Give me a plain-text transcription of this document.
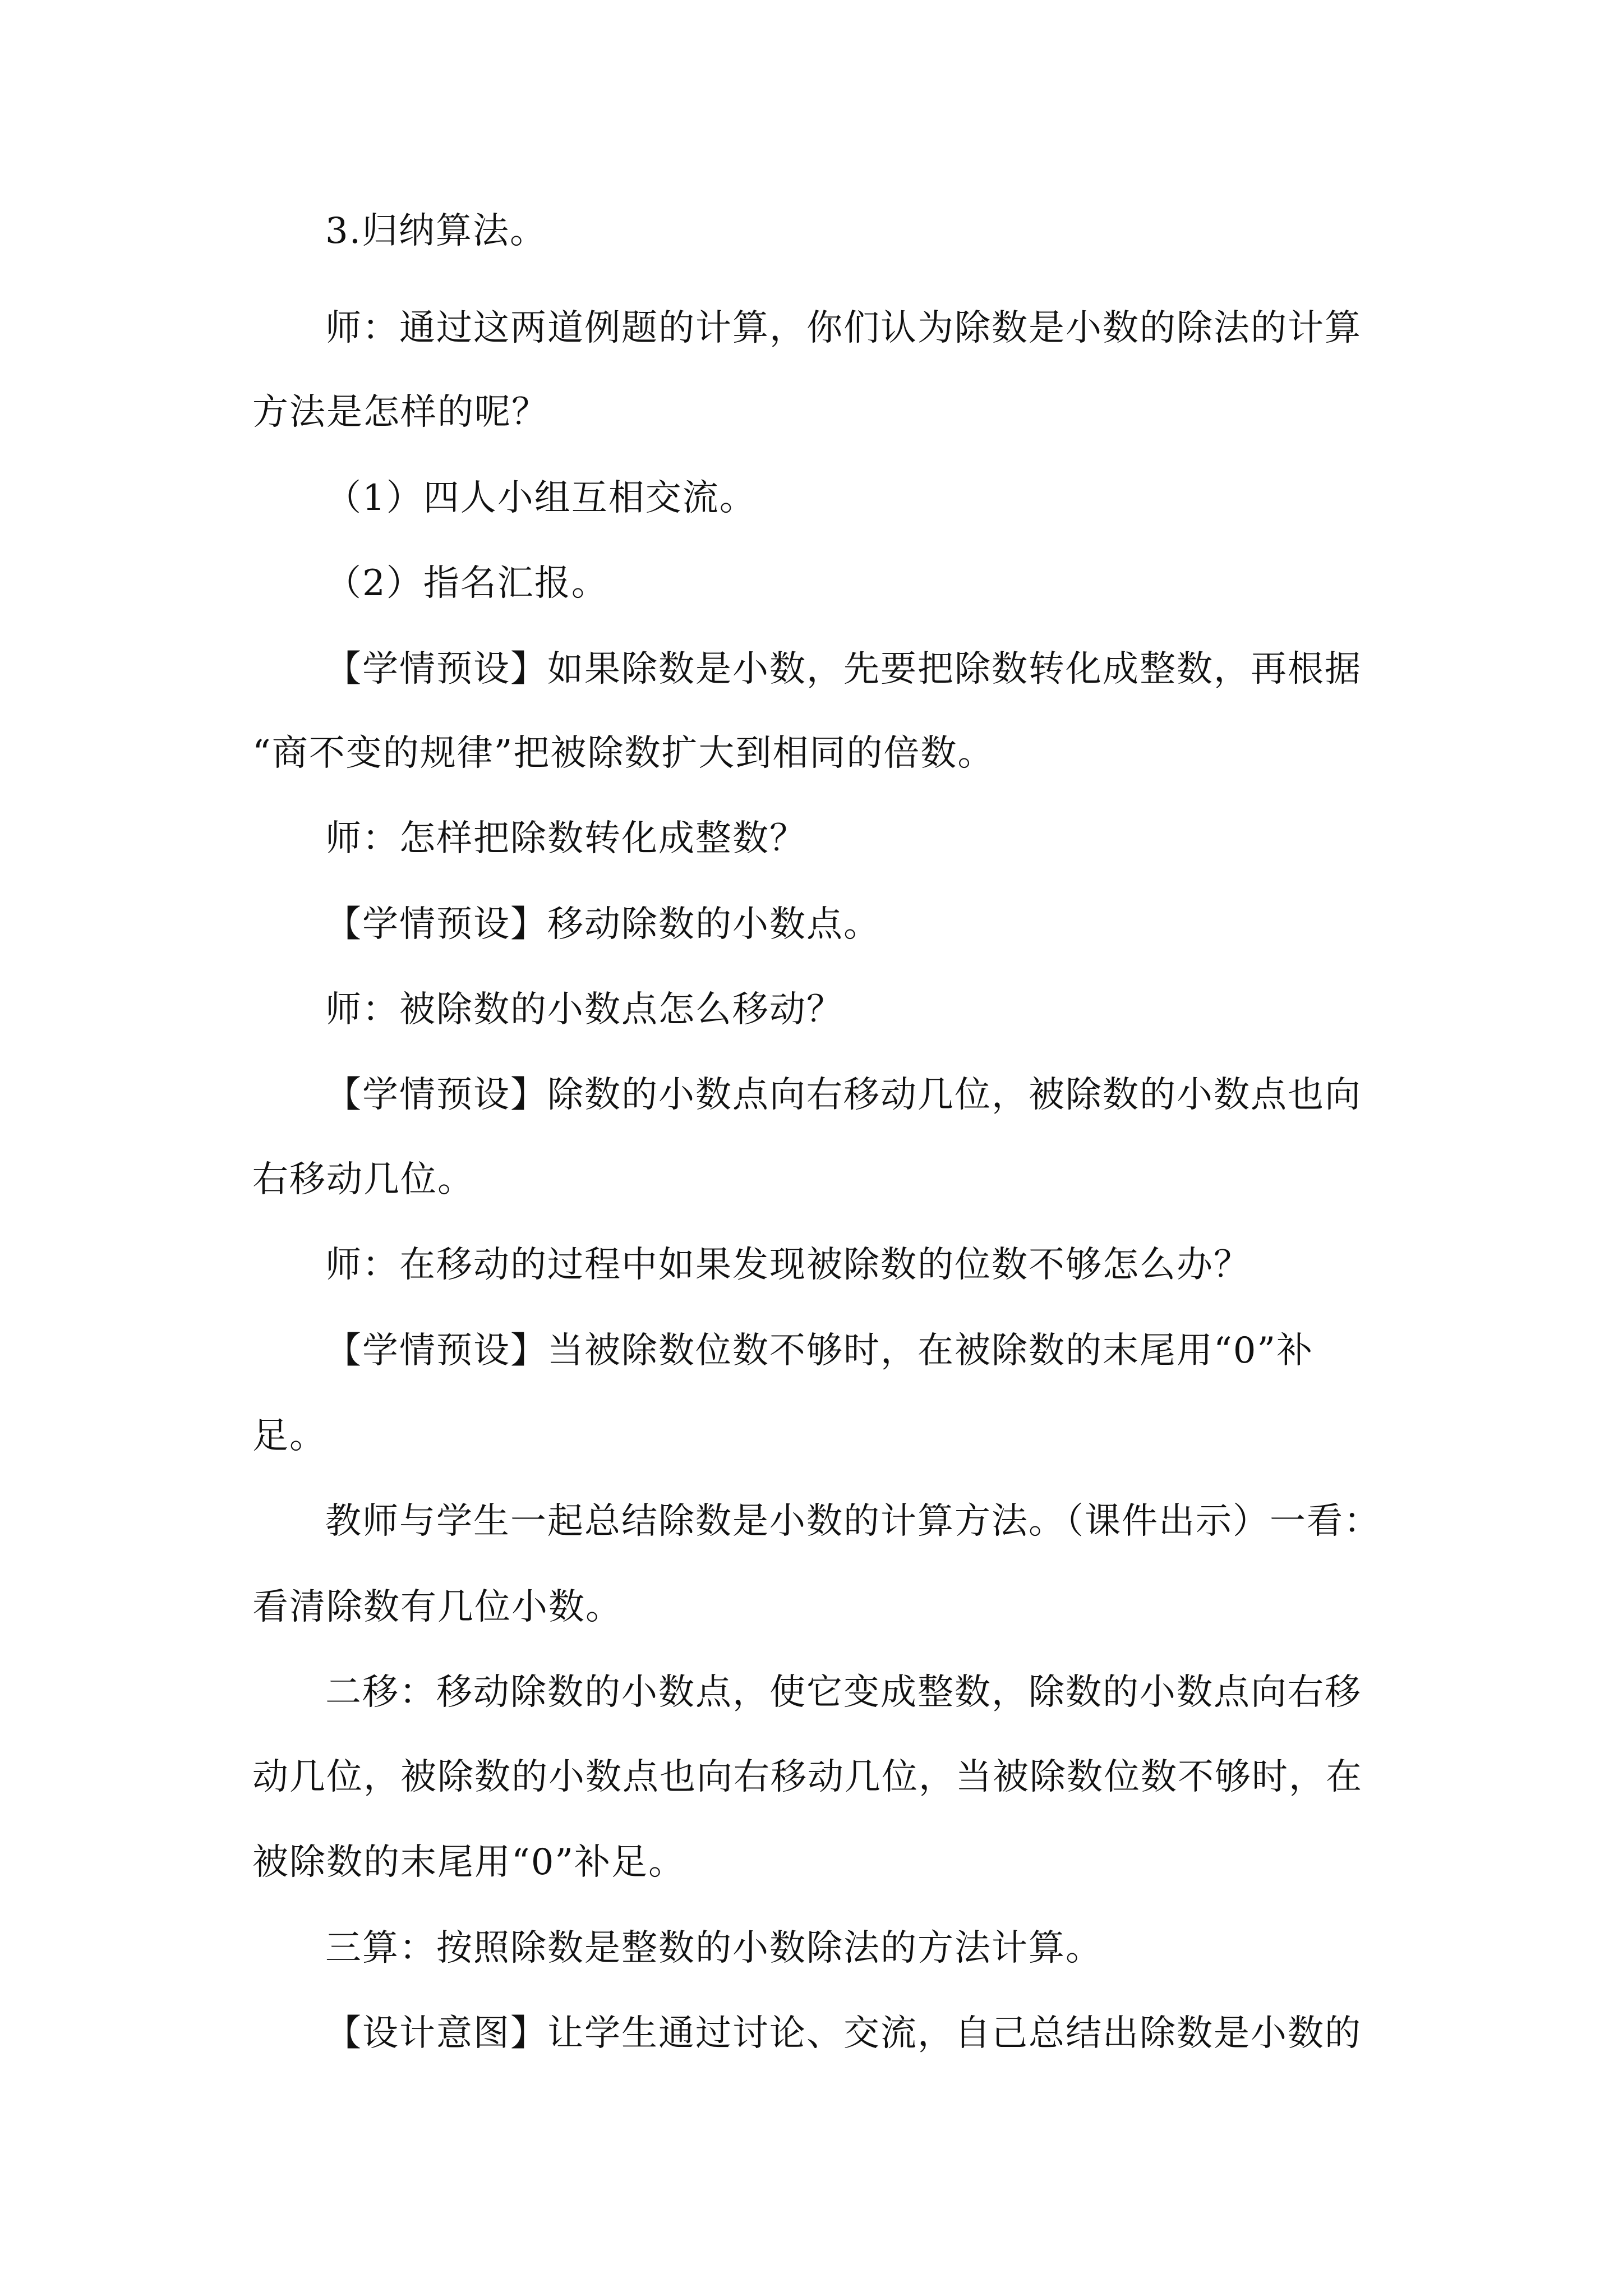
3.归纳算法。
师：通过这两道例题的计算，你们认为除数是小数的除法的计算
方法是怎样的呢？
（1）四人小组互相交流。
（2）指名汇报。
【学情预设】如果除数是小数，先要把除数转化成整数，再根据
“商不变的规律”把被除数扩大到相同的倍数。
师：怎样把除数转化成整数？
【学情预设】移动除数的小数点。
师：被除数的小数点怎么移动？
【学情预设】除数的小数点向右移动几位，被除数的小数点也向
右移动几位。
师：在移动的过程中如果发现被除数的位数不够怎么办？
【学情预设】当被除数位数不够时，在被除数的末尾用“0”补
足。
教师与学生一起总结除数是小数的计算方法。（课件出示）一看：
看清除数有几位小数。
二移：移动除数的小数点，使它变成整数，除数的小数点向右移
动几位，被除数的小数点也向右移动几位，当被除数位数不够时，在
被除数的末尾用“0”补足。
三算：按照除数是整数的小数除法的方法计算。
【设计意图】让学生通过讨论、交流，自己总结出除数是小数的
